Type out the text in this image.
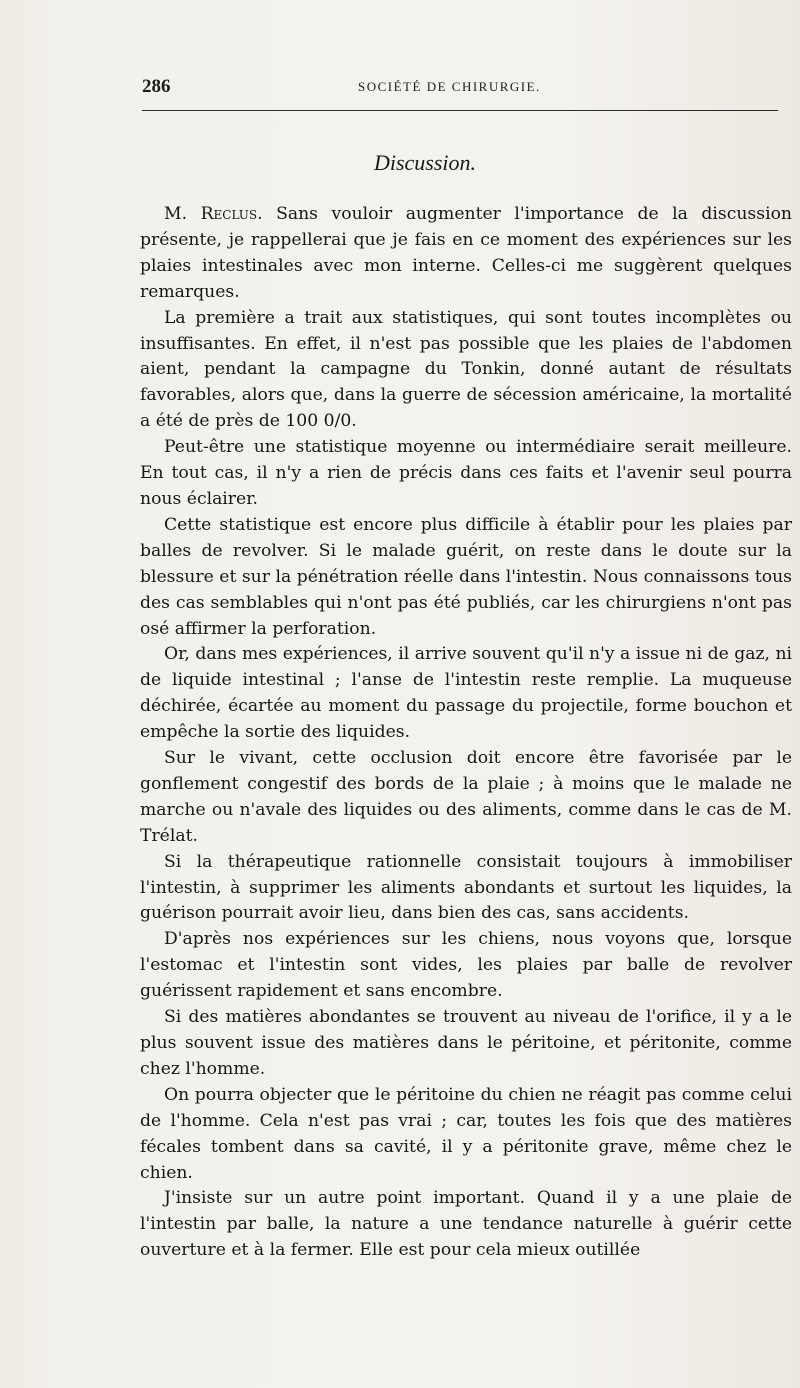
286	SOCIÉTÉ DE CHIRURGIE.
Discussion.

M. Reclus. Sans vouloir augmenter l'importance de la discussion présente, je rappellerai que je fais en ce moment des expériences sur les plaies intestinales avec mon interne. Celles-ci me suggèrent quelques remarques.

La première a trait aux statistiques, qui sont toutes incomplètes ou insuffisantes. En effet, il n'est pas possible que les plaies de l'abdomen aient, pendant la campagne du Tonkin, donné autant de résultats favorables, alors que, dans la guerre de sécession américaine, la mortalité a été de près de 100 0/0.

Peut-être une statistique moyenne ou intermédiaire serait meilleure. En tout cas, il n'y a rien de précis dans ces faits et l'avenir seul pourra nous éclairer.

Cette statistique est encore plus difficile à établir pour les plaies par balles de revolver. Si le malade guérit, on reste dans le doute sur la blessure et sur la pénétration réelle dans l'intestin. Nous connaissons tous des cas semblables qui n'ont pas été publiés, car les chirurgiens n'ont pas osé affirmer la perforation.

Or, dans mes expériences, il arrive souvent qu'il n'y a issue ni de gaz, ni de liquide intestinal ; l'anse de l'intestin reste remplie. La muqueuse déchirée, écartée au moment du passage du projectile, forme bouchon et empêche la sortie des liquides.

Sur le vivant, cette occlusion doit encore être favorisée par le gonflement congestif des bords de la plaie ; à moins que le malade ne marche ou n'avale des liquides ou des aliments, comme dans le cas de M. Trélat.

Si la thérapeutique rationnelle consistait toujours à immobiliser l'intestin, à supprimer les aliments abondants et surtout les liquides, la guérison pourrait avoir lieu, dans bien des cas, sans accidents.

D'après nos expériences sur les chiens, nous voyons que, lorsque l'estomac et l'intestin sont vides, les plaies par balle de revolver guérissent rapidement et sans encombre.

Si des matières abondantes se trouvent au niveau de l'orifice, il y a le plus souvent issue des matières dans le péritoine, et péritonite, comme chez l'homme.

On pourra objecter que le péritoine du chien ne réagit pas comme celui de l'homme. Cela n'est pas vrai ; car, toutes les fois que des matières fécales tombent dans sa cavité, il y a péritonite grave, même chez le chien.

J'insiste sur un autre point important. Quand il y a une plaie de l'intestin par balle, la nature a une tendance naturelle à guérir cette ouverture et à la fermer. Elle est pour cela mieux outillée
